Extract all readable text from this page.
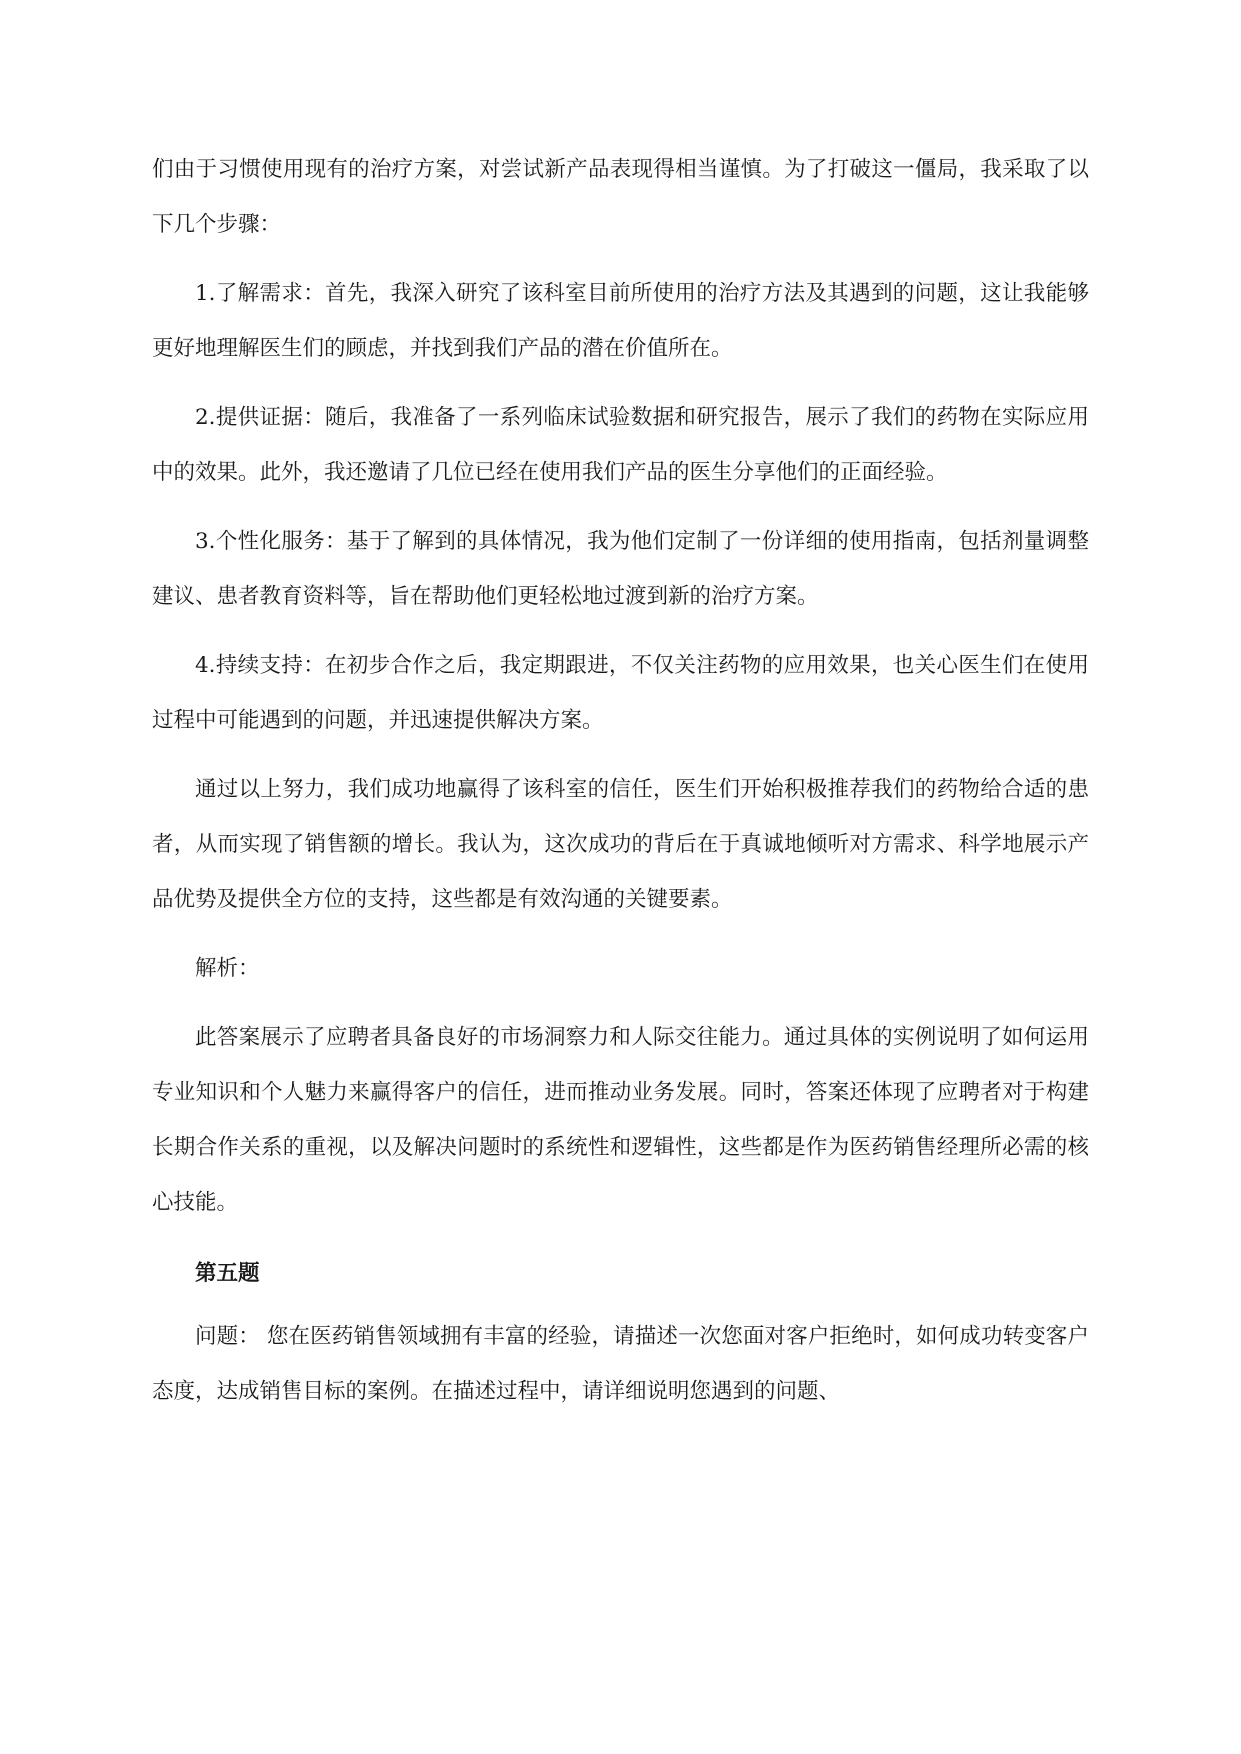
们由于习惯使用现有的治疗方案，对尝试新产品表现得相当谨慎。为了打破这一僵局，我采取了以下几个步骤：

1.了解需求：首先，我深入研究了该科室目前所使用的治疗方法及其遇到的问题，这让我能够更好地理解医生们的顾虑，并找到我们产品的潜在价值所在。

2.提供证据：随后，我准备了一系列临床试验数据和研究报告，展示了我们的药物在实际应用中的效果。此外，我还邀请了几位已经在使用我们产品的医生分享他们的正面经验。

3.个性化服务：基于了解到的具体情况，我为他们定制了一份详细的使用指南，包括剂量调整建议、患者教育资料等，旨在帮助他们更轻松地过渡到新的治疗方案。

4.持续支持：在初步合作之后，我定期跟进，不仅关注药物的应用效果，也关心医生们在使用过程中可能遇到的问题，并迅速提供解决方案。

通过以上努力，我们成功地赢得了该科室的信任，医生们开始积极推荐我们的药物给合适的患者，从而实现了销售额的增长。我认为，这次成功的背后在于真诚地倾听对方需求、科学地展示产品优势及提供全方位的支持，这些都是有效沟通的关键要素。

解析：

此答案展示了应聘者具备良好的市场洞察力和人际交往能力。通过具体的实例说明了如何运用专业知识和个人魅力来赢得客户的信任，进而推动业务发展。同时，答案还体现了应聘者对于构建长期合作关系的重视，以及解决问题时的系统性和逻辑性，这些都是作为医药销售经理所必需的核心技能。

第五题

问题： 您在医药销售领域拥有丰富的经验，请描述一次您面对客户拒绝时，如何成功转变客户态度，达成销售目标的案例。在描述过程中，请详细说明您遇到的问题、
